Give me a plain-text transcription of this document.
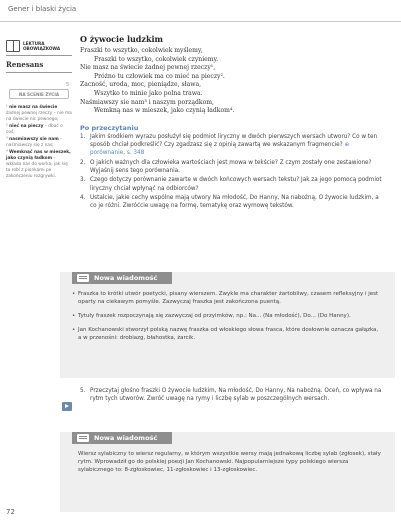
Gener i blaski życia
LEKTURA OBOWIĄZKOWA
Renesans
NA SCENIE ŻYCIA
¹ nie masz na świecie żadnej pewnej rzeczy – nie ma na świecie nic pewnego;
² nieć na pieczy – dbać o coś;
³ nasmiawszy sie nam – naśmiawszy się z nas;
⁴ Wemknąć nas w mieszek, jako czynią ładkom – wkłada nas do worka, jak się to robi z pionkami po zakończeniu rozgrywki.
O żywocie ludzkim
Fraszki to wszytko, cokolwiek myślemy,
Fraszki to wszytko, cokolwiek czyniemy.
Nie masz na świecie żadnej pewnej rzeczy¹,
Próżno tu człowiek ma co mieć na pieczy².
Zacność, uroda, moc, pieniądze, sława,
5
Wszytko to minie jako polna trawa.
Naśmiawszy sie nam³ i naszym porządkom,
Wemkną nas w mieszek, jako czynią ładkom⁴.
Po przeczytaniu
1. Jakim środkiem wyrazu posłużył się podmiot liryczny w dwóch pierwszych wersach utworu? Co w ten sposób chciał podkreślić? Czy zgadzasz się z opinią zawartą we wskazanym fragmencie? ⊕ porównanie, s. 348
2. O jakich ważnych dla człowieka wartościach jest mowa w tekście? Z czym zostały one zestawione? Wyjaśnij sens tego porównania.
3. Czego dotyczy porównanie zawarte w dwóch końcowych wersach tekstu? Jak za jego pomocą podmiot liryczny chciał wpłynąć na odbiorców?
4. Ustalcie, jakie cechy wspólne mają utwory Na młodość, Do Hanny, Na nabożną, O żywocie ludzkim, a co je różni. Zwróćcie uwagę na formę, tematykę oraz wymowę tekstów.
Nowa wiadomość

• Fraszka to krótki utwór poetycki, pisany wierszem. Zwykle ma charakter żartobliwy, czasem refleksyjny i jest oparty na ciekawym pomyśle. Zazwyczaj fraszka jest zakończona puentą.

• Tytuły fraszek rozpoczynają się zazwyczaj od przyimków, np.: Na... (Na młodość), Do... (Do Hanny).

• Jan Kochanowski stworzył polską nazwę fraszka od włoskiego słowa frasca, które dosłownie oznacza gałązka, a w przenośni: drobiazg, błahostka, żarcik.

5. Przeczytaj głośno fraszki O żywocie ludzkim, Na młodość, Do Hanny, Na nabożną. Oceń, co wpływa na rytm tych utworów. Zwróć uwagę na rymy i liczbę sylab w poszczególnych wersach.
Nowa wiadomość

Wiersz sylabiczny to wiersz regularny, w którym wszystkie wersy mają jednakową liczbę sylab (zgłosek), stały rytm. Wprowadził go do polskiej poezji Jan Kochanowski. Najpopularniejsze typy polskiego wiersza sylabicznego to: 8-zgłoskowiec, 11-zgłoskowiec i 13-zgłoskowiec.

72
